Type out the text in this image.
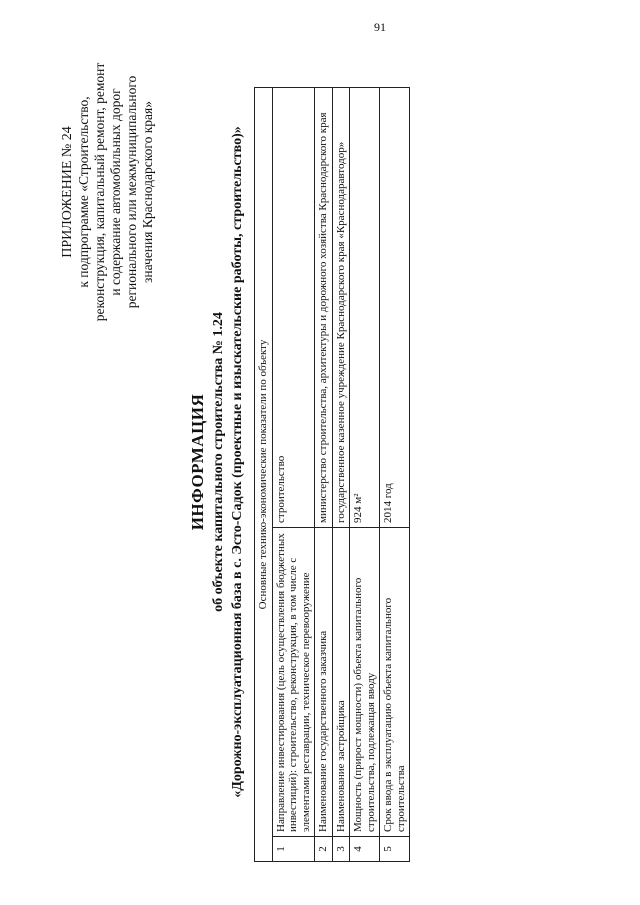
91
ПРИЛОЖЕНИЕ № 24 к подпрограмме «Строительство, реконструкция, капитальный ремонт, ремонт и содержание автомобильных дорог регионального или межмуниципального значения Краснодарского края»
ИНФОРМАЦИЯ об объекте капитального строительства № 1.24 «Дорожно-эксплуатационная база в с. Эсто-Садок (проектные и изыскательские работы, строительство)» Основные технико-экономические показатели по объекту		
1	Направление инвестирования (цель осуществления бюджетных инвестиций): строительство, реконструкция, в том числе с элементами реставрации, техническое перевооружение	строительство
2	Наименование государственного заказчика	министерство строительства, архитектуры и дорожного хозяйства Краснодарского края
3	Наименование застройщика	государственное казенное учреждение Краснодарского края «Краснодаравтодор»
4	Мощность (прирост мощности) объекта капитального строительства, подлежащая вводу	924 м²
5	Срок ввода в эксплуатацию объекта капитального строительства	2014 год
